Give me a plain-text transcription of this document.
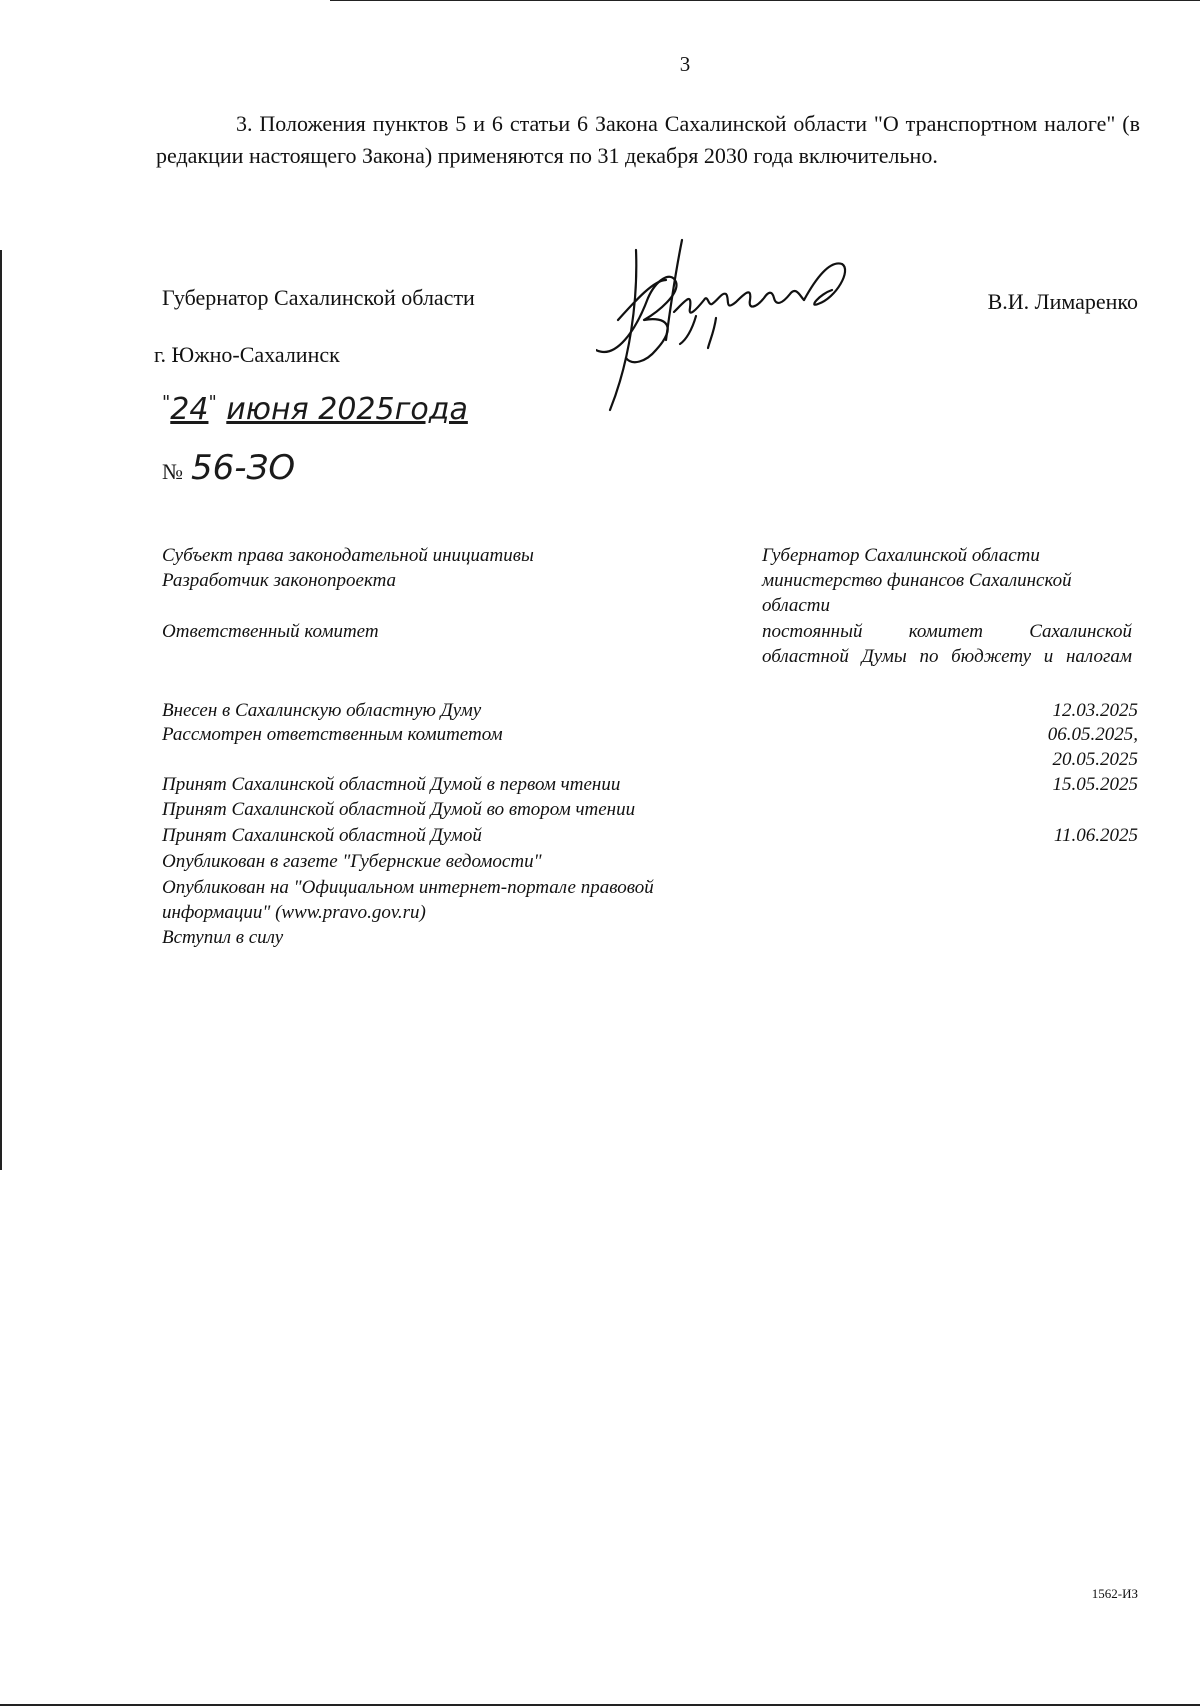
3
3. Положения пунктов 5 и 6 статьи 6 Закона Сахалинской области "О транспортном налоге" (в редакции настоящего Закона) применяются по 31 декабря 2030 года включительно.
Губернатор Сахалинской области	В.И. Лимаренко
г. Южно-Сахалинск
"24" июня 2025года
№ 56-ЗО
Субъект права законодательной инициативы	Губернатор Сахалинской области
Разработчик законопроекта	министерство финансов Сахалинской области
Ответственный комитет	постоянный комитет Сахалинской областной Думы по бюджету и налогам
Внесен в Сахалинскую областную Думу	12.03.2025
Рассмотрен ответственным комитетом	06.05.2025,
20.05.2025
Принят Сахалинской областной Думой в первом чтении	15.05.2025
Принят Сахалинской областной Думой во втором чтении
Принят Сахалинской областной Думой	11.06.2025
Опубликован в газете "Губернские ведомости"
Опубликован на "Официальном интернет-портале правовой
информации" (www.pravo.gov.ru)
Вступил в силу
1562-ИЗ
